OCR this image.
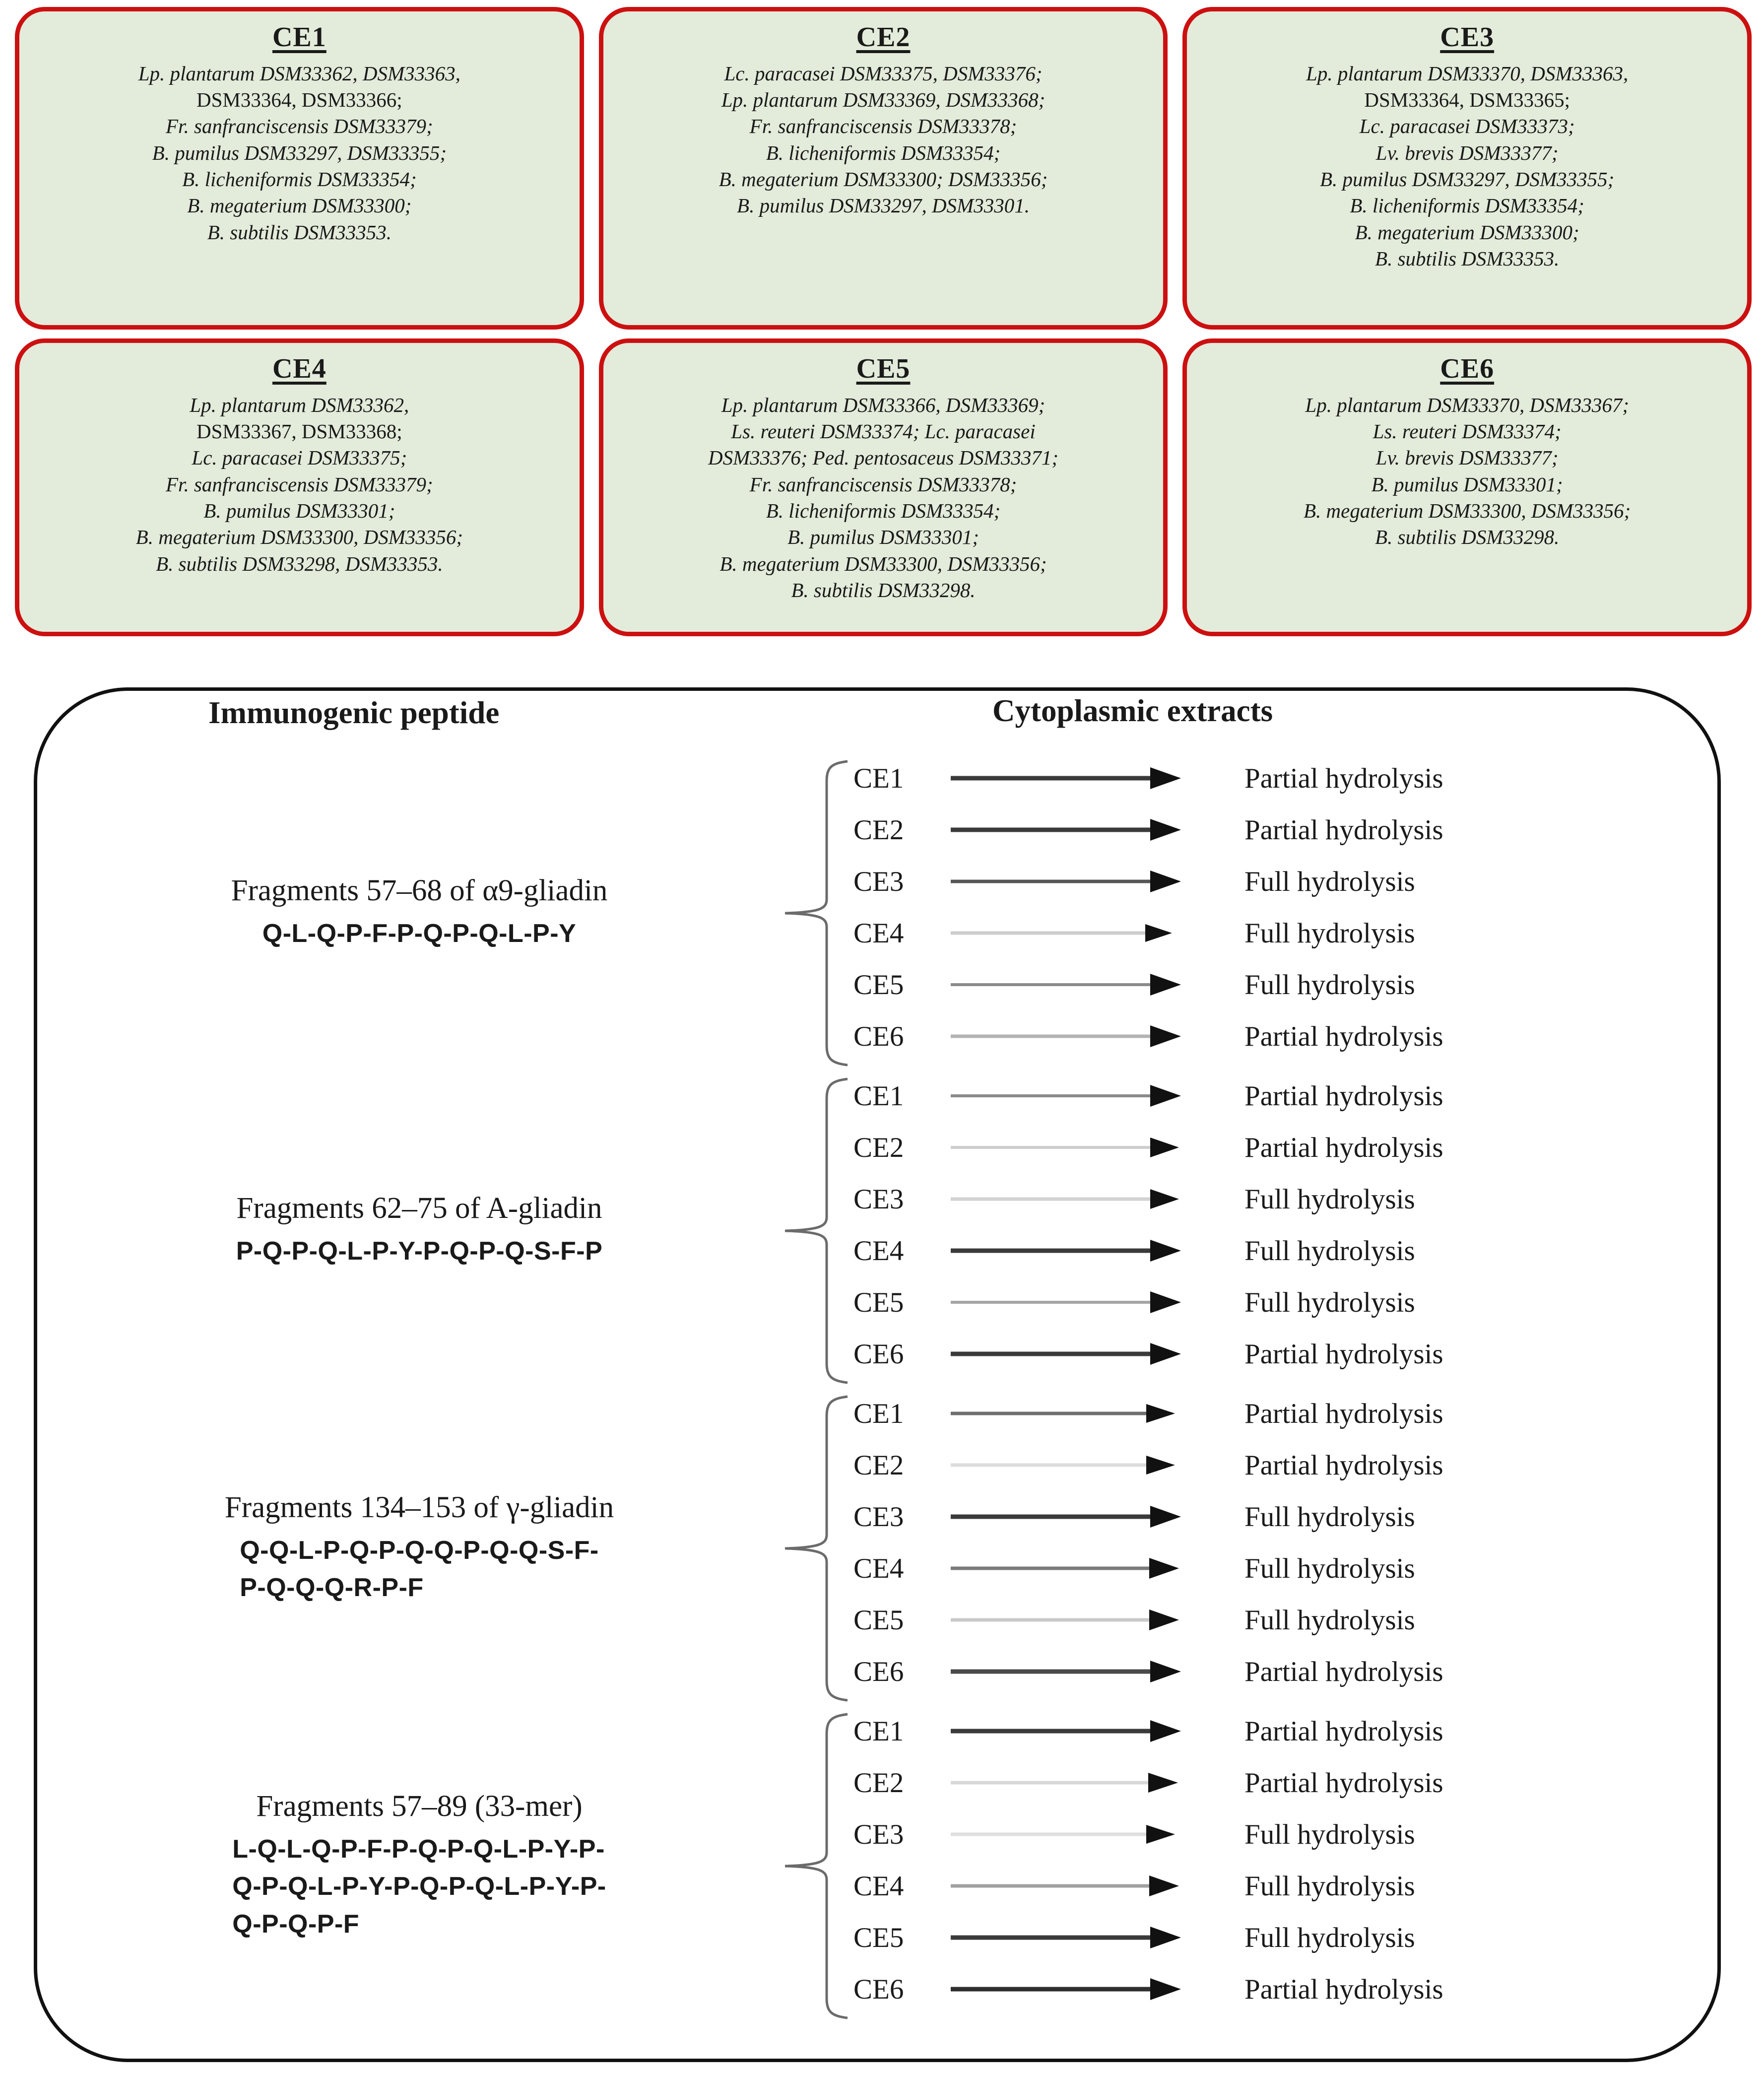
CE1
Lp. plantarum DSM33362, DSM33363,
DSM33364, DSM33366;
Fr. sanfranciscensis DSM33379;
B. pumilus DSM33297, DSM33355;
B. licheniformis DSM33354;
B. megaterium DSM33300;
B. subtilis DSM33353.
CE2
Lc. paracasei DSM33375, DSM33376;
Lp. plantarum DSM33369, DSM33368;
Fr. sanfranciscensis DSM33378;
B. licheniformis DSM33354;
B. megaterium DSM33300; DSM33356;
B. pumilus DSM33297, DSM33301.
CE3
Lp. plantarum DSM33370, DSM33363,
DSM33364, DSM33365;
Lc. paracasei DSM33373;
Lv. brevis DSM33377;
B. pumilus DSM33297, DSM33355;
B. licheniformis DSM33354;
B. megaterium DSM33300;
B. subtilis DSM33353.
CE4
Lp. plantarum DSM33362,
DSM33367, DSM33368;
Lc. paracasei DSM33375;
Fr. sanfranciscensis DSM33379;
B. pumilus DSM33301;
B. megaterium DSM33300, DSM33356;
B. subtilis DSM33298, DSM33353.
CE5
Lp. plantarum DSM33366, DSM33369;
Ls. reuteri DSM33374; Lc. paracasei
DSM33376; Ped. pentosaceus DSM33371;
Fr. sanfranciscensis DSM33378;
B. licheniformis DSM33354;
B. pumilus DSM33301;
B. megaterium DSM33300, DSM33356;
B. subtilis DSM33298.
CE6
Lp. plantarum DSM33370, DSM33367;
Ls. reuteri DSM33374;
Lv. brevis DSM33377;
B. pumilus DSM33301;
B. megaterium DSM33300, DSM33356;
B. subtilis DSM33298.
Immunogenic peptide	Cytoplasmic extracts
Fragments 57–68 of α9-gliadin
Q-L-Q-P-F-P-Q-P-Q-L-P-Y
CE1	Partial hydrolysis
CE2	Partial hydrolysis
CE3	Full hydrolysis
CE4	Full hydrolysis
CE5	Full hydrolysis
CE6	Partial hydrolysis
Fragments 62–75 of A-gliadin
P-Q-P-Q-L-P-Y-P-Q-P-Q-S-F-P
CE1	Partial hydrolysis
CE2	Partial hydrolysis
CE3	Full hydrolysis
CE4	Full hydrolysis
CE5	Full hydrolysis
CE6	Partial hydrolysis
Fragments 134–153 of γ-gliadin
Q-Q-L-P-Q-P-Q-Q-P-Q-Q-S-F-
P-Q-Q-Q-R-P-F
CE1	Partial hydrolysis
CE2	Partial hydrolysis
CE3	Full hydrolysis
CE4	Full hydrolysis
CE5	Full hydrolysis
CE6	Partial hydrolysis
Fragments 57–89 (33-mer)
L-Q-L-Q-P-F-P-Q-P-Q-L-P-Y-P-
Q-P-Q-L-P-Y-P-Q-P-Q-L-P-Y-P-
Q-P-Q-P-F
CE1	Partial hydrolysis
CE2	Partial hydrolysis
CE3	Full hydrolysis
CE4	Full hydrolysis
CE5	Full hydrolysis
CE6	Partial hydrolysis
